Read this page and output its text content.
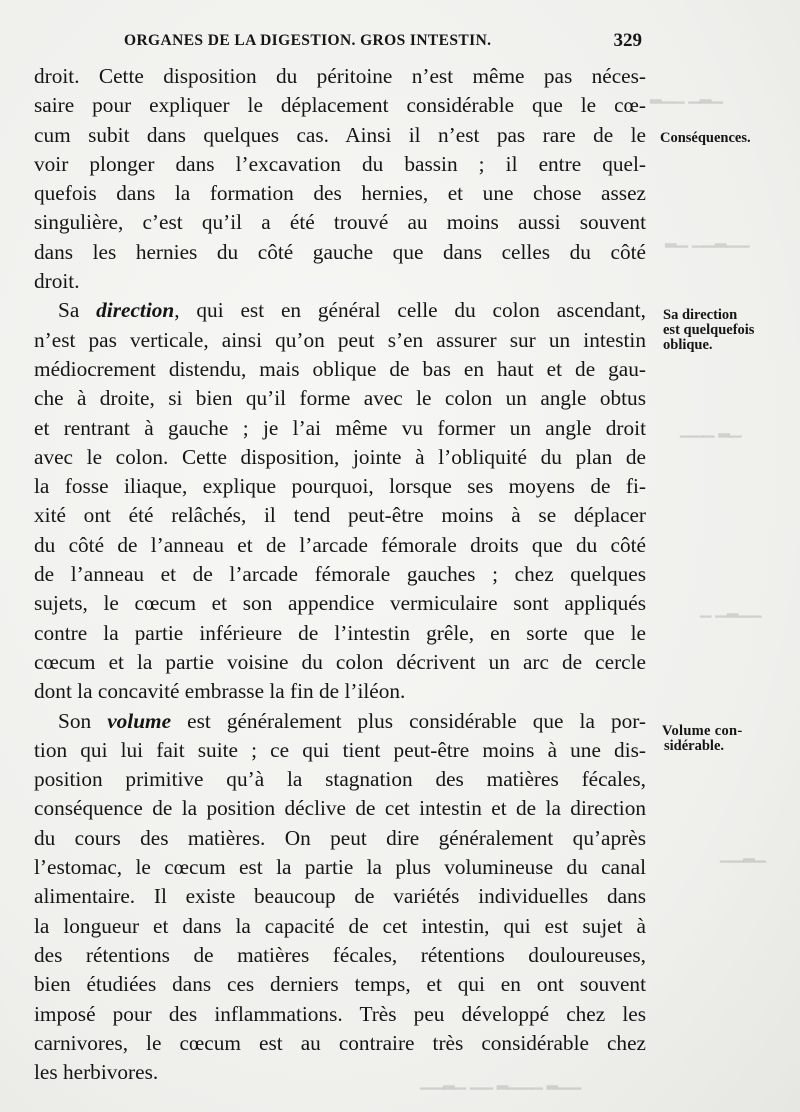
▁▂▁ ▁▁▂
▁▁▂▁▁ ▁▂
▁▂ ▁▁▁
▁▁▂▁ ▁
▁▂▁▁
▁▁▂ ▁▁▁▂ ▁▁ ▁▂▁▁
ORGANES DE LA DIGESTION. GROS INTESTIN.	329
droit. Cette disposition du péritoine n’est même pas néces-
saire pour expliquer le déplacement considérable que le cœ-
cum subit dans quelques cas. Ainsi il n’est pas rare de le
voir plonger dans l’excavation du bassin ; il entre quel-
quefois dans la formation des hernies, et une chose assez
singulière, c’est qu’il a été trouvé au moins aussi souvent
dans les hernies du côté gauche que dans celles du côté
droit.
Sa direction, qui est en général celle du colon ascendant,
n’est pas verticale, ainsi qu’on peut s’en assurer sur un intestin
médiocrement distendu, mais oblique de bas en haut et de gau-
che à droite, si bien qu’il forme avec le colon un angle obtus
et rentrant à gauche ; je l’ai même vu former un angle droit
avec le colon. Cette disposition, jointe à l’obliquité du plan de
la fosse iliaque, explique pourquoi, lorsque ses moyens de fi-
xité ont été relâchés, il tend peut-être moins à se déplacer
du côté de l’anneau et de l’arcade fémorale droits que du côté
de l’anneau et de l’arcade fémorale gauches ; chez quelques
sujets, le cœcum et son appendice vermiculaire sont appliqués
contre la partie inférieure de l’intestin grêle, en sorte que le
cœcum et la partie voisine du colon décrivent un arc de cercle
dont la concavité embrasse la fin de l’iléon.
Son volume est généralement plus considérable que la por-
tion qui lui fait suite ; ce qui tient peut-être moins à une dis-
position primitive qu’à la stagnation des matières fécales,
conséquence de la position déclive de cet intestin et de la direction
du cours des matières. On peut dire généralement qu’après
l’estomac, le cœcum est la partie la plus volumineuse du canal
alimentaire. Il existe beaucoup de variétés individuelles dans
la longueur et dans la capacité de cet intestin, qui est sujet à
des rétentions de matières fécales, rétentions douloureuses,
bien étudiées dans ces derniers temps, et qui en ont souvent
imposé pour des inflammations. Très peu développé chez les
carnivores, le cœcum est au contraire très considérable chez
les herbivores.
Conséquences.
Sa direction
est quelquefois
oblique.
Volume con-
sidérable.
